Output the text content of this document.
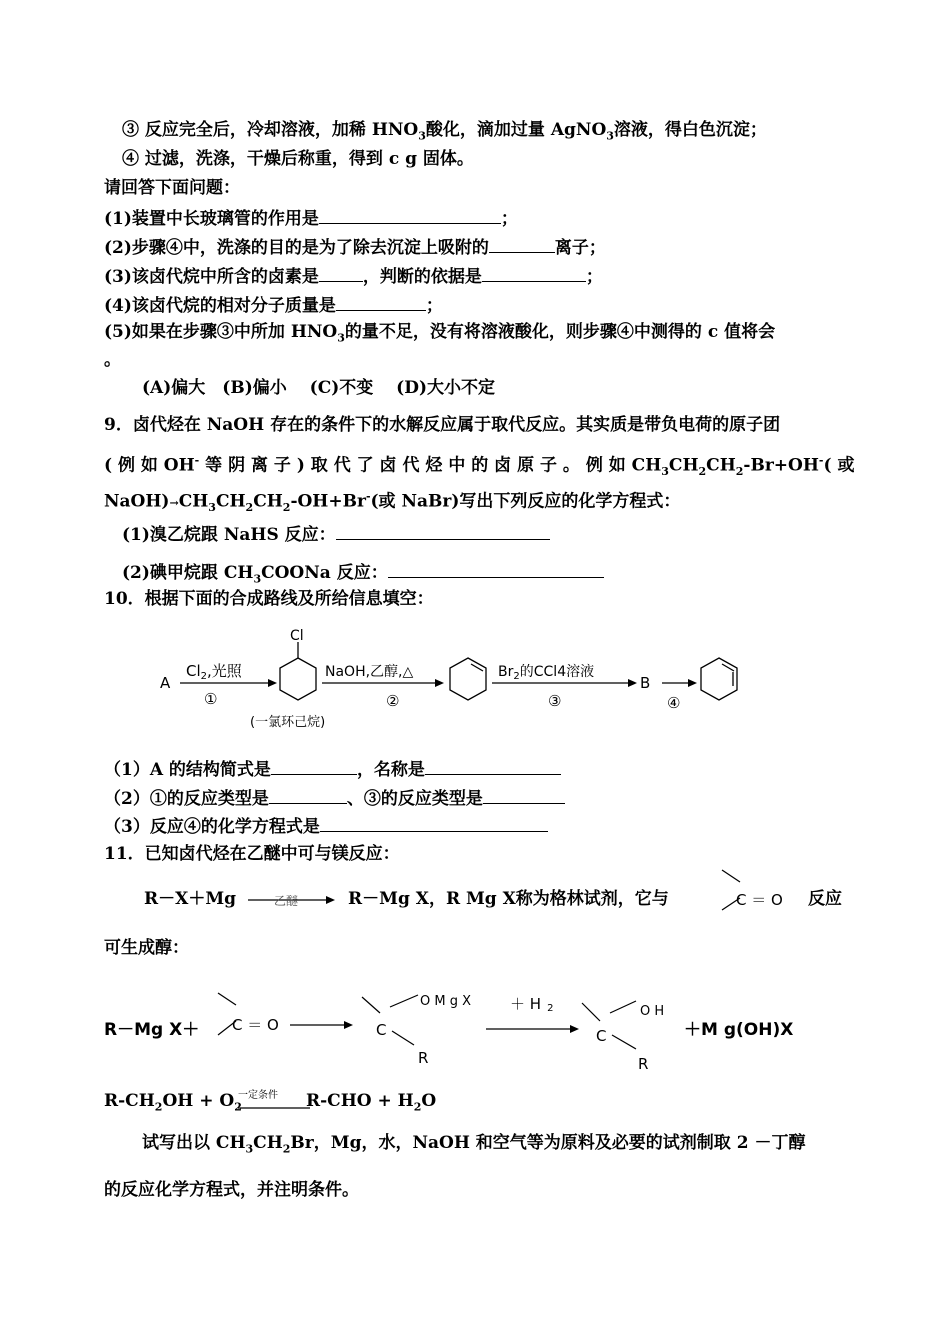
③ 反应完全后，冷却溶液，加稀 $HNO_3$酸化，滴加过量 AgNO$_3$溶液，得白色沉淀；
④ 过滤，洗涤，干燥后称重，得到 c g 固体。
请回答下面问题：
(1)装置中长玻璃管的作用是	；
(2)步骤④中，洗涤的目的是为了除去沉淀上吸附的	离子；
(3)该卤代烷中所含的卤素是	，判断的依据是	；
(4)该卤代烷的相对分子质量是	；
(5)如果在步骤③中所加 $HNO_3$的量不足，没有将溶液酸化，则步骤④中测得的 c 值将会
。
(A)偏大　(B)偏小　 (C)不变　 (D)大小不定
9．卤代烃在 NaOH 存在的条件下的水解反应属于取代反应。其实质是带负电荷的原子团
( 例 如 OH- 等 阴 离 子 ) 取 代 了 卤 代 烃 中 的 卤 原 子 。 例 如 $CH_3CH_2CH_2-Br+OH^-$( 或
$NaOH)\to CH_3CH_2CH_2-OH+Br^-$(或 NaBr)写出下列反应的化学方程式：
(1)溴乙烷跟 NaHS 反应：
(2)碘甲烷跟 $CH_3COONa$ 反应：
10．根据下面的合成路线及所给信息填空：
A
$Cl_2$,光照
①
Cl
(一氯环己烷)
NaOH,乙醇,△
②
$Br_2$的CCl4溶液
③
B
④
（1）A 的结构简式是	，名称是
（2）①的反应类型是	、③的反应类型是
（3）反应④的化学方程式是
11．已知卤代烃在乙醚中可与镁反应：
R－X＋Mg	乙醚	R－Mg X，R Mg X称为格林试剂，它与	C ＝ O 反应
可生成醇：
R－Mg X＋ C ＝ O	C
O M g X
R
＋ H 2
C
O H
R
＋M g(OH)X
$R-CH_2OH + O_2$
一定条件 $R-CHO + H_2O$
试写出以 $CH_3CH_2Br$，Mg，水，NaOH 和空气等为原料及必要的试剂制取 2 －丁醇
的反应化学方程式，并注明条件。
